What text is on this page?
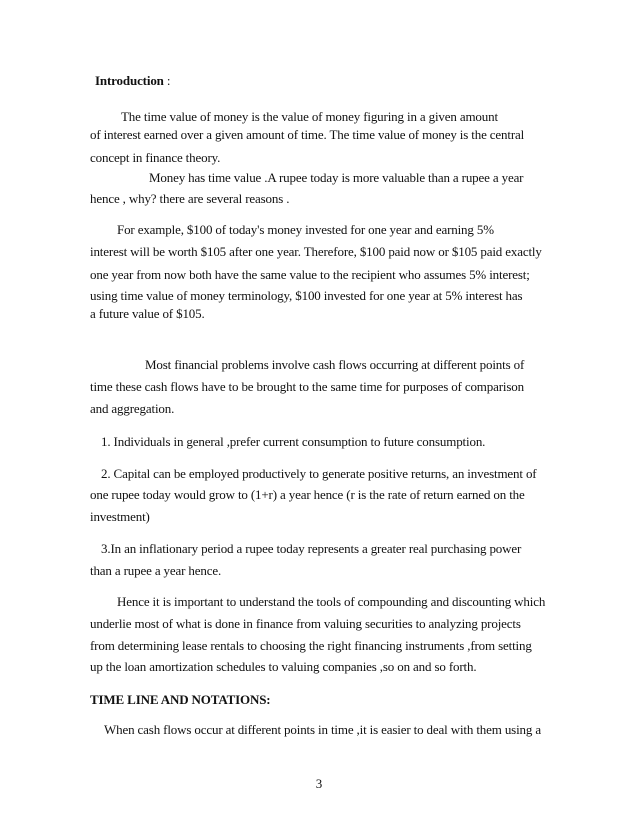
Introduction :
The time value of money is the value of money figuring in a given amount
of interest earned over a given amount of time. The time value of money is the central
concept in finance theory.
Money has time value .A rupee today is more valuable than a rupee a year
hence , why? there are several reasons .
For example, $100 of today's money invested for one year and earning 5%
interest will be worth $105 after one year. Therefore, $100 paid now or $105 paid exactly
one year from now both have the same value to the recipient who assumes 5% interest;
using time value of money terminology, $100 invested for one year at 5% interest has
a future value of $105.
Most financial problems involve cash flows occurring at different points of
time these cash flows have to be brought to the same time for purposes of comparison
and aggregation.
1. Individuals in general ,prefer current consumption to future consumption.
2. Capital can be employed productively to generate positive returns, an investment of
one rupee today would grow to (1+r) a year hence (r is the rate of return earned on the
investment)
3.In an inflationary period a rupee today represents a greater real purchasing power
than a rupee a year hence.
Hence it is important to understand the tools of compounding and discounting which
underlie most of what is done in finance from valuing securities to analyzing projects
from determining lease rentals to choosing the right financing instruments ,from setting
up the loan amortization schedules to valuing companies ,so on and so forth.
TIME LINE AND NOTATIONS:
When cash flows occur at different points in time ,it is easier to deal with them using a
3
